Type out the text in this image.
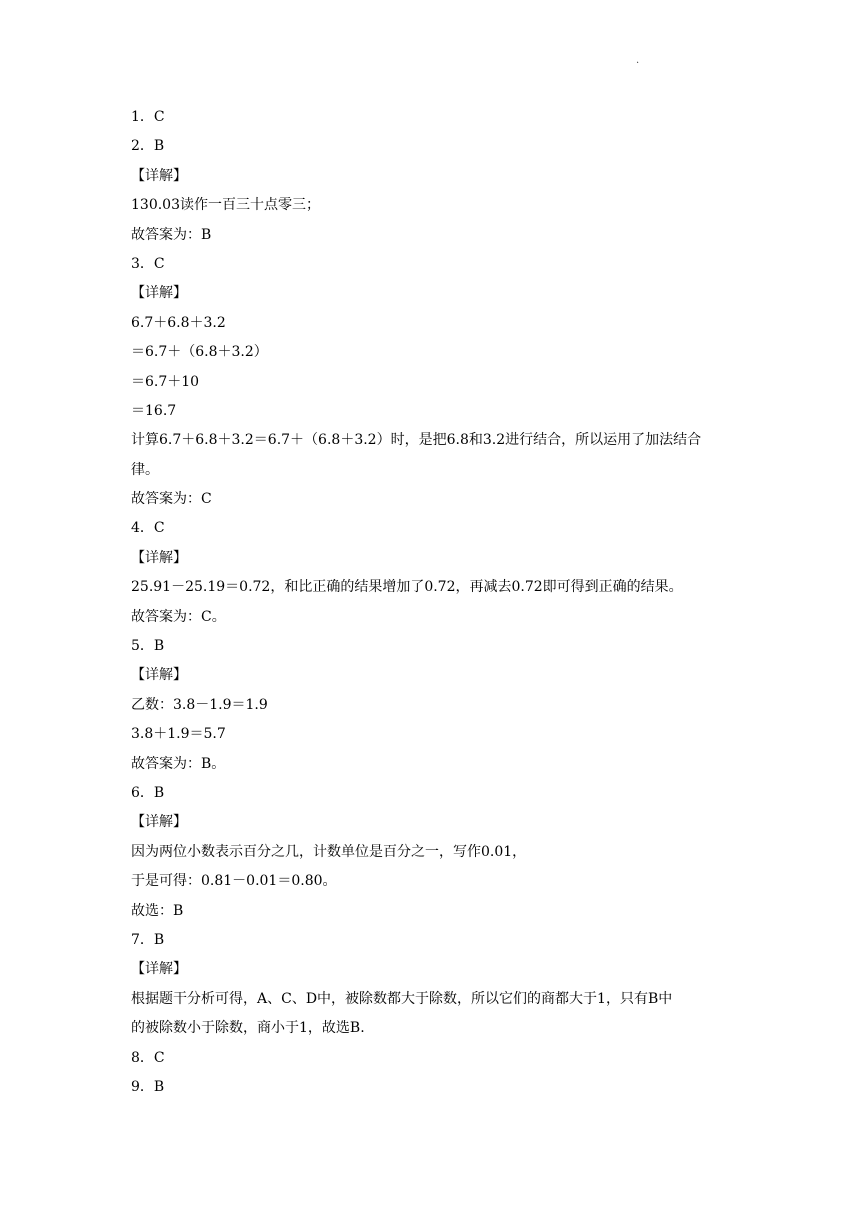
.
1．C
2．B
【详解】
130.03读作一百三十点零三；
故答案为：B
3．C
【详解】
6.7＋6.8＋3.2
＝6.7＋（6.8＋3.2）
＝6.7＋10
＝16.7
计算6.7＋6.8＋3.2＝6.7＋（6.8＋3.2）时，是把6.8和3.2进行结合，所以运用了加法结合
律。
故答案为：C
4．C
【详解】
25.91－25.19＝0.72，和比正确的结果增加了0.72，再减去0.72即可得到正确的结果。
故答案为：C。
5．B
【详解】
乙数：3.8－1.9＝1.9
3.8＋1.9＝5.7
故答案为：B。
6．B
【详解】
因为两位小数表示百分之几，计数单位是百分之一，写作0.01，
于是可得：0.81－0.01＝0.80。
故选：B
7．B
【详解】
根据题干分析可得，A、C、D中，被除数都大于除数，所以它们的商都大于1，只有B中
的被除数小于除数，商小于1，故选B.
8．C
9．B
